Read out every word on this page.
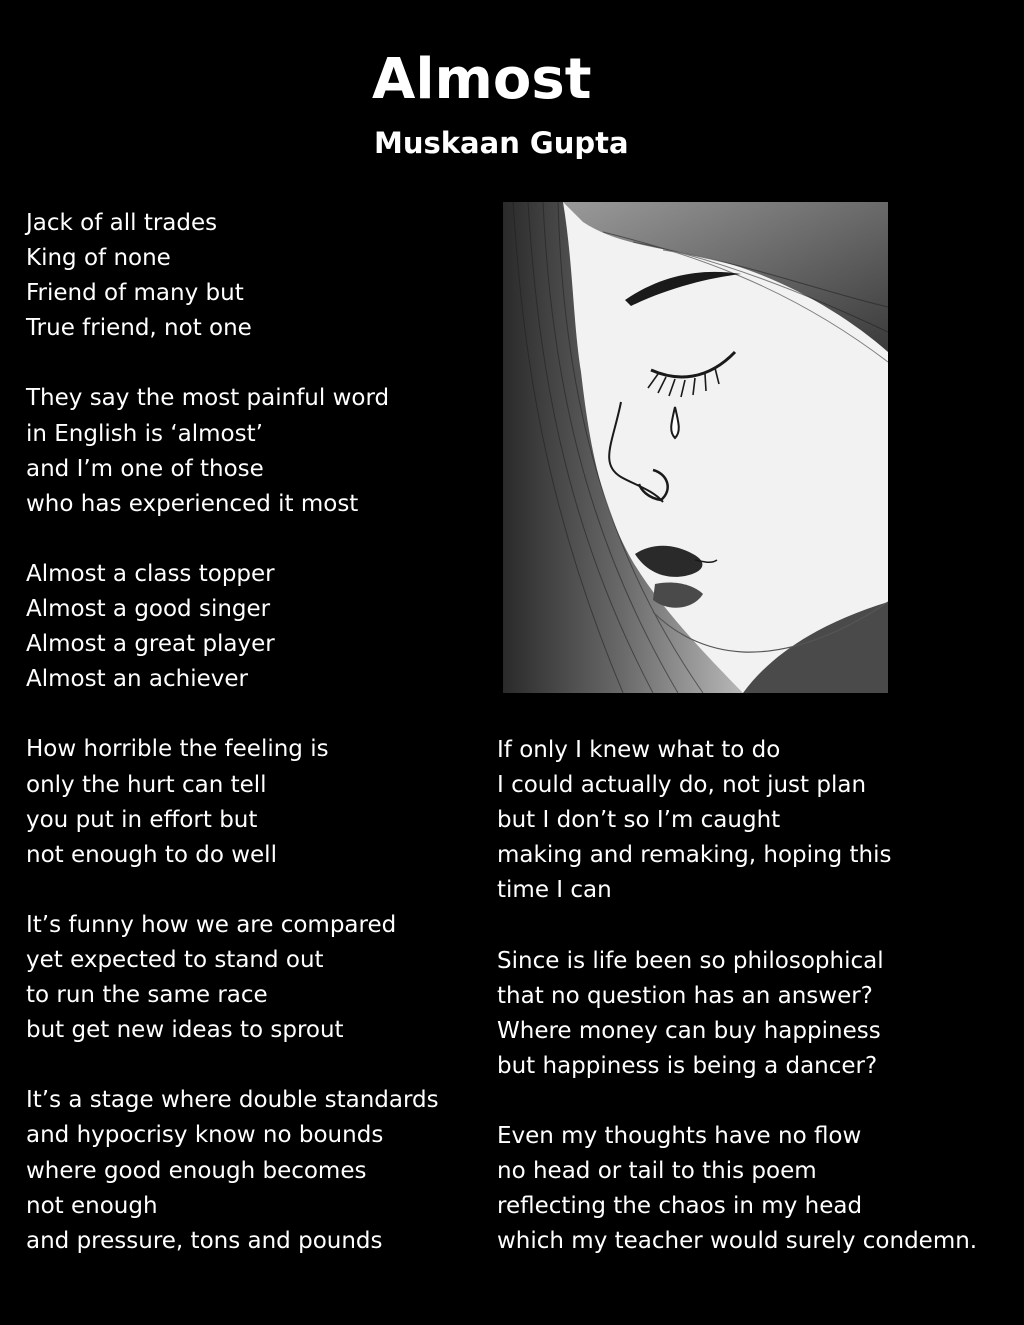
Almost
Muskaan Gupta
Jack of all trades
King of none
Friend of many but
True friend, not one
They say the most painful word
in English is ‘almost’
and I’m one of those
who has experienced it most
Almost a class topper
Almost a good singer
Almost a great player
Almost an achiever
How horrible the feeling is
only the hurt can tell
you put in effort but
not enough to do well
It’s funny how we are compared
yet expected to stand out
to run the same race
but get new ideas to sprout
It’s a stage where double standards
and hypocrisy know no bounds
where good enough becomes
not enough
and pressure, tons and pounds
If only I knew what to do
I could actually do, not just plan
but I don’t so I’m caught
making and remaking, hoping this
time I can
Since is life been so philosophical
that no question has an answer?
Where money can buy happiness
but happiness is being a dancer?
Even my thoughts have no flow
no head or tail to this poem
reflecting the chaos in my head
which my teacher would surely condemn.
